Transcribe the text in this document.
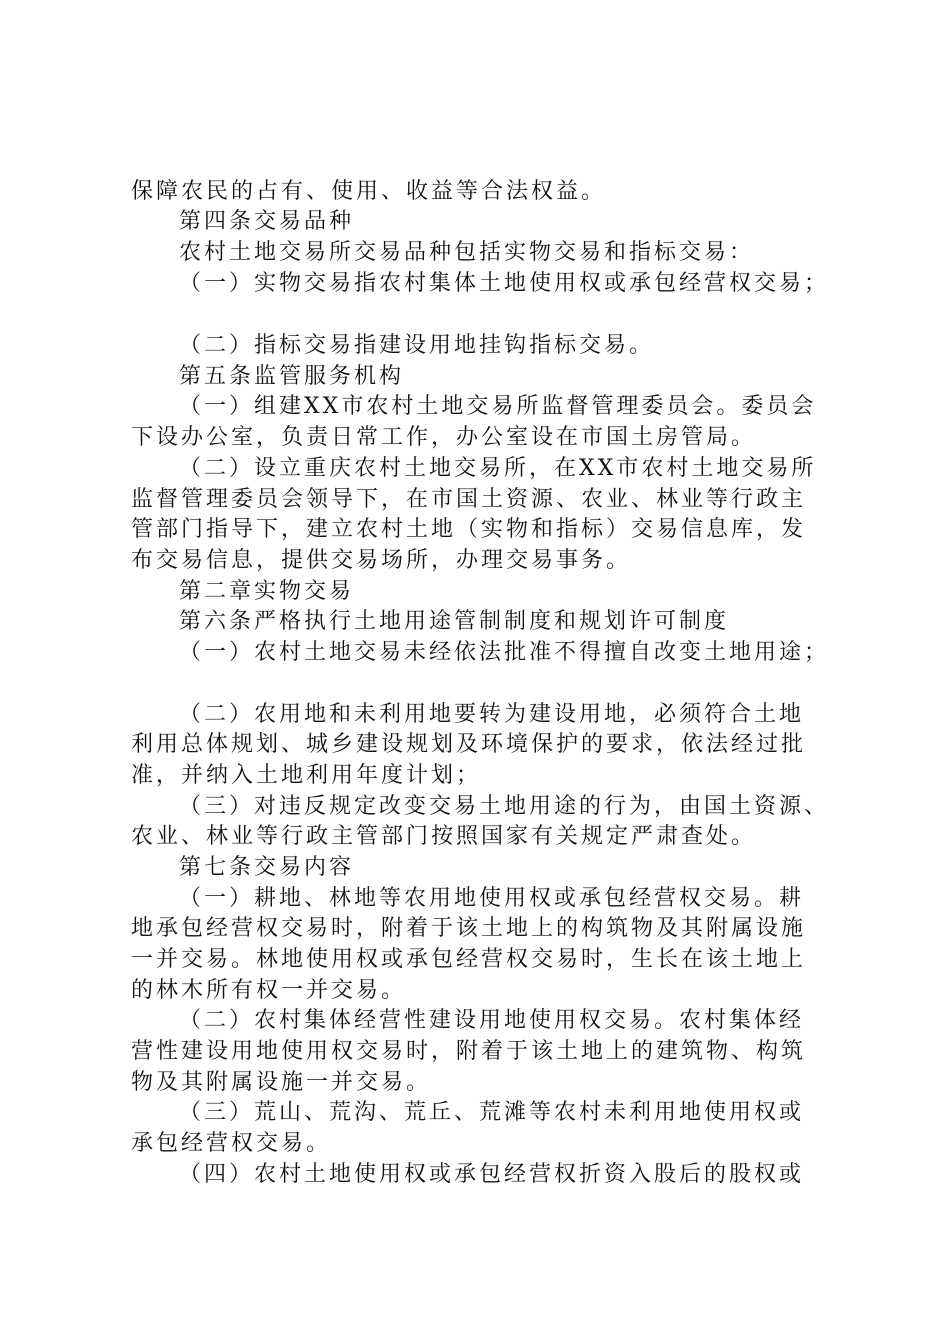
保障农民的占有、使用、收益等合法权益。
第四条交易品种
农村土地交易所交易品种包括实物交易和指标交易：
（一）实物交易指农村集体土地使用权或承包经营权交易；
（二）指标交易指建设用地挂钩指标交易。
第五条监管服务机构
（一）组建XX市农村土地交易所监督管理委员会。委员会
下设办公室，负责日常工作，办公室设在市国土房管局。
（二）设立重庆农村土地交易所，在XX市农村土地交易所
监督管理委员会领导下，在市国土资源、农业、林业等行政主
管部门指导下，建立农村土地（实物和指标）交易信息库，发
布交易信息，提供交易场所，办理交易事务。
第二章实物交易
第六条严格执行土地用途管制制度和规划许可制度
（一）农村土地交易未经依法批准不得擅自改变土地用途；
（二）农用地和未利用地要转为建设用地，必须符合土地
利用总体规划、城乡建设规划及环境保护的要求，依法经过批
准，并纳入土地利用年度计划；
（三）对违反规定改变交易土地用途的行为，由国土资源、
农业、林业等行政主管部门按照国家有关规定严肃查处。
第七条交易内容
（一）耕地、林地等农用地使用权或承包经营权交易。耕
地承包经营权交易时，附着于该土地上的构筑物及其附属设施
一并交易。林地使用权或承包经营权交易时，生长在该土地上
的林木所有权一并交易。
（二）农村集体经营性建设用地使用权交易。农村集体经
营性建设用地使用权交易时，附着于该土地上的建筑物、构筑
物及其附属设施一并交易。
（三）荒山、荒沟、荒丘、荒滩等农村未利用地使用权或
承包经营权交易。
（四）农村土地使用权或承包经营权折资入股后的股权或
